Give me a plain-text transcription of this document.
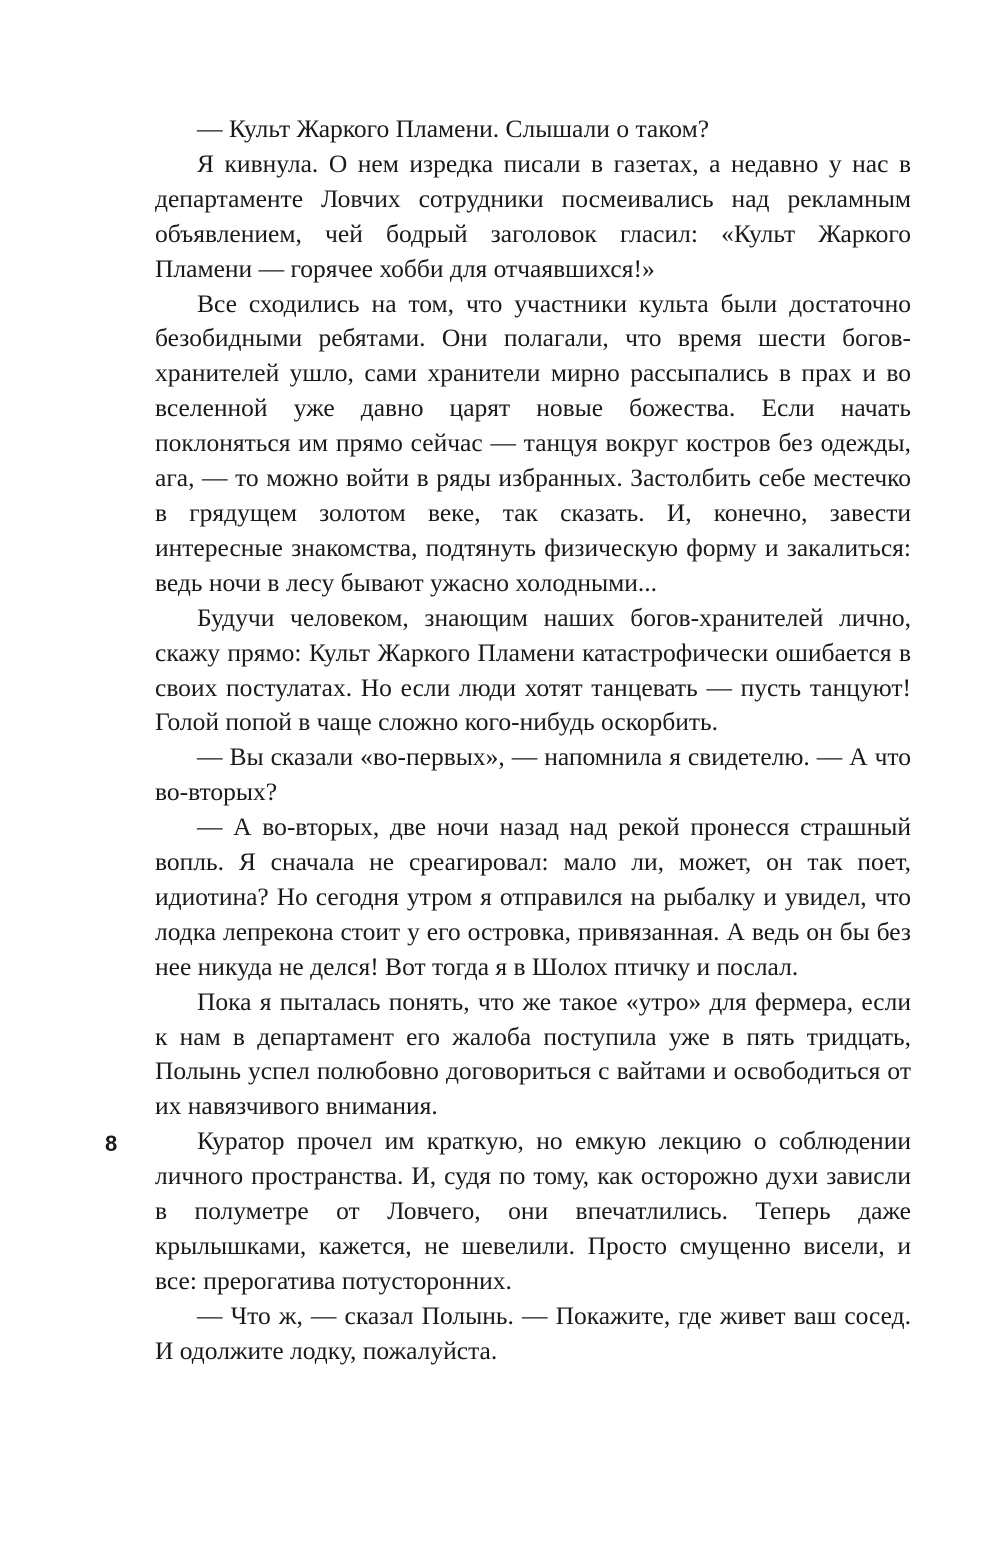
— Культ Жаркого Пламени. Слышали о таком?

Я кивнула. О нем изредка писали в газетах, а недавно у нас в департаменте Ловчих сотрудники посмеивались над рекламным объявлением, чей бодрый заголовок гласил: «Культ Жаркого Пламени — горячее хобби для отчаявшихся!»

Все сходились на том, что участники культа были достаточно безобидными ребятами. Они полагали, что время шести богов-хранителей ушло, сами хранители мирно рассыпались в прах и во вселенной уже давно царят новые божества. Если начать поклоняться им прямо сейчас — танцуя вокруг костров без одежды, ага, — то можно войти в ряды избранных. Застолбить себе местечко в грядущем золотом веке, так сказать. И, конечно, завести интересные знакомства, подтянуть физическую форму и закалиться: ведь ночи в лесу бывают ужасно холодными...

Будучи человеком, знающим наших богов-хранителей лично, скажу прямо: Культ Жаркого Пламени катастрофически ошибается в своих постулатах. Но если люди хотят танцевать — пусть танцуют! Голой попой в чаще сложно кого-нибудь оскорбить.

— Вы сказали «во-первых», — напомнила я свидетелю. — А что во-вторых?

— А во-вторых, две ночи назад над рекой пронесся страшный вопль. Я сначала не среагировал: мало ли, может, он так поет, идиотина? Но сегодня утром я отправился на рыбалку и увидел, что лодка лепрекона стоит у его островка, привязанная. А ведь он бы без нее никуда не делся! Вот тогда я в Шолох птичку и послал.

Пока я пыталась понять, что же такое «утро» для фермера, если к нам в департамент его жалоба поступила уже в пять тридцать, Полынь успел полюбовно договориться с вайтами и освободиться от их навязчивого внимания.

Куратор прочел им краткую, но емкую лекцию о соблюдении личного пространства. И, судя по тому, как осторожно духи зависли в полуметре от Ловчего, они впечатлились. Теперь даже крылышками, кажется, не шевелили. Просто смущенно висели, и все: прерогатива потусторонних.

— Что ж, — сказал Полынь. — Покажите, где живет ваш сосед. И одолжите лодку, пожалуйста.

8
